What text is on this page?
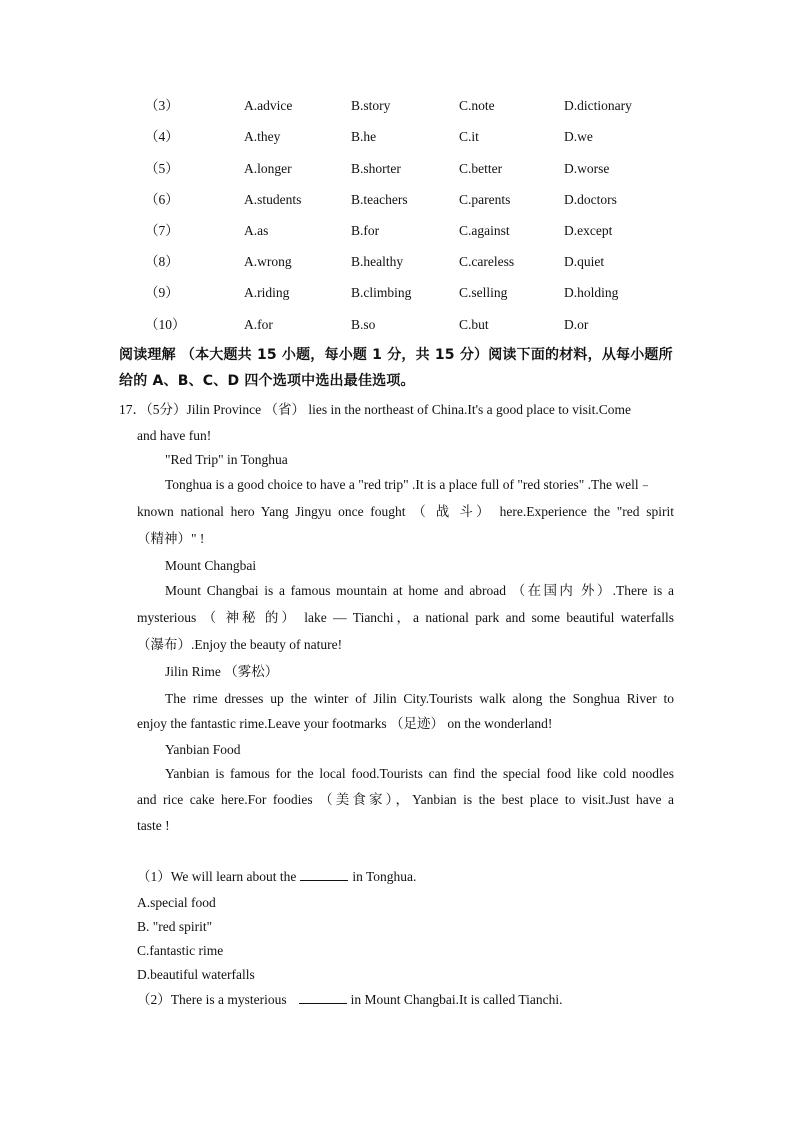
（3）	A.advice	B.story	C.note	D.dictionary
（4）	A.they	B.he	C.it	D.we
（5）	A.longer	B.shorter	C.better	D.worse
（6）	A.students	B.teachers	C.parents	D.doctors
（7）	A.as	B.for	C.against	D.except
（8）	A.wrong	B.healthy	C.careless	D.quiet
（9）	A.riding	B.climbing	C.selling	D.holding
（10）	A.for	B.so	C.but	D.or
阅读理解 （本大题共 15 小题，每小题 1 分，共 15 分）阅读下面的材料，从每小题所给的 A、B、C、D 四个选项中选出最佳选项。
17．（5分）Jilin Province （省） lies in the northeast of China.It's a good place to visit.Come
and have fun!
"Red Trip" in Tonghua
Tonghua is a good choice to have a "red trip" .It is a place full of "red stories" .The well﹣
known national hero Yang Jingyu once fought （ 战 斗） here.Experience the "red spirit
（精神）" !
Mount Changbai
Mount Changbai is a famous mountain at home and abroad （在国内 外）.There is a
mysterious （ 神秘 的） lake — Tianchi，a national park and some beautiful waterfalls
（瀑布）.Enjoy the beauty of nature!
Jilin Rime （雾松）
The rime dresses up the winter of Jilin City.Tourists walk along the Songhua River to
enjoy the fantastic rime.Leave your footmarks （足迹） on the wonderland!
Yanbian Food
Yanbian is famous for the local food.Tourists can find the special food like cold noodles
and rice cake here.For foodies （美食家），Yanbian is the best place to visit.Just have a
taste !
（1）We will learn about the	in Tonghua.
A.special food
B. "red spirit"
C.fantastic rime
D.beautiful waterfalls
（2）There is a mysterious	in Mount Changbai.It is called Tianchi.
